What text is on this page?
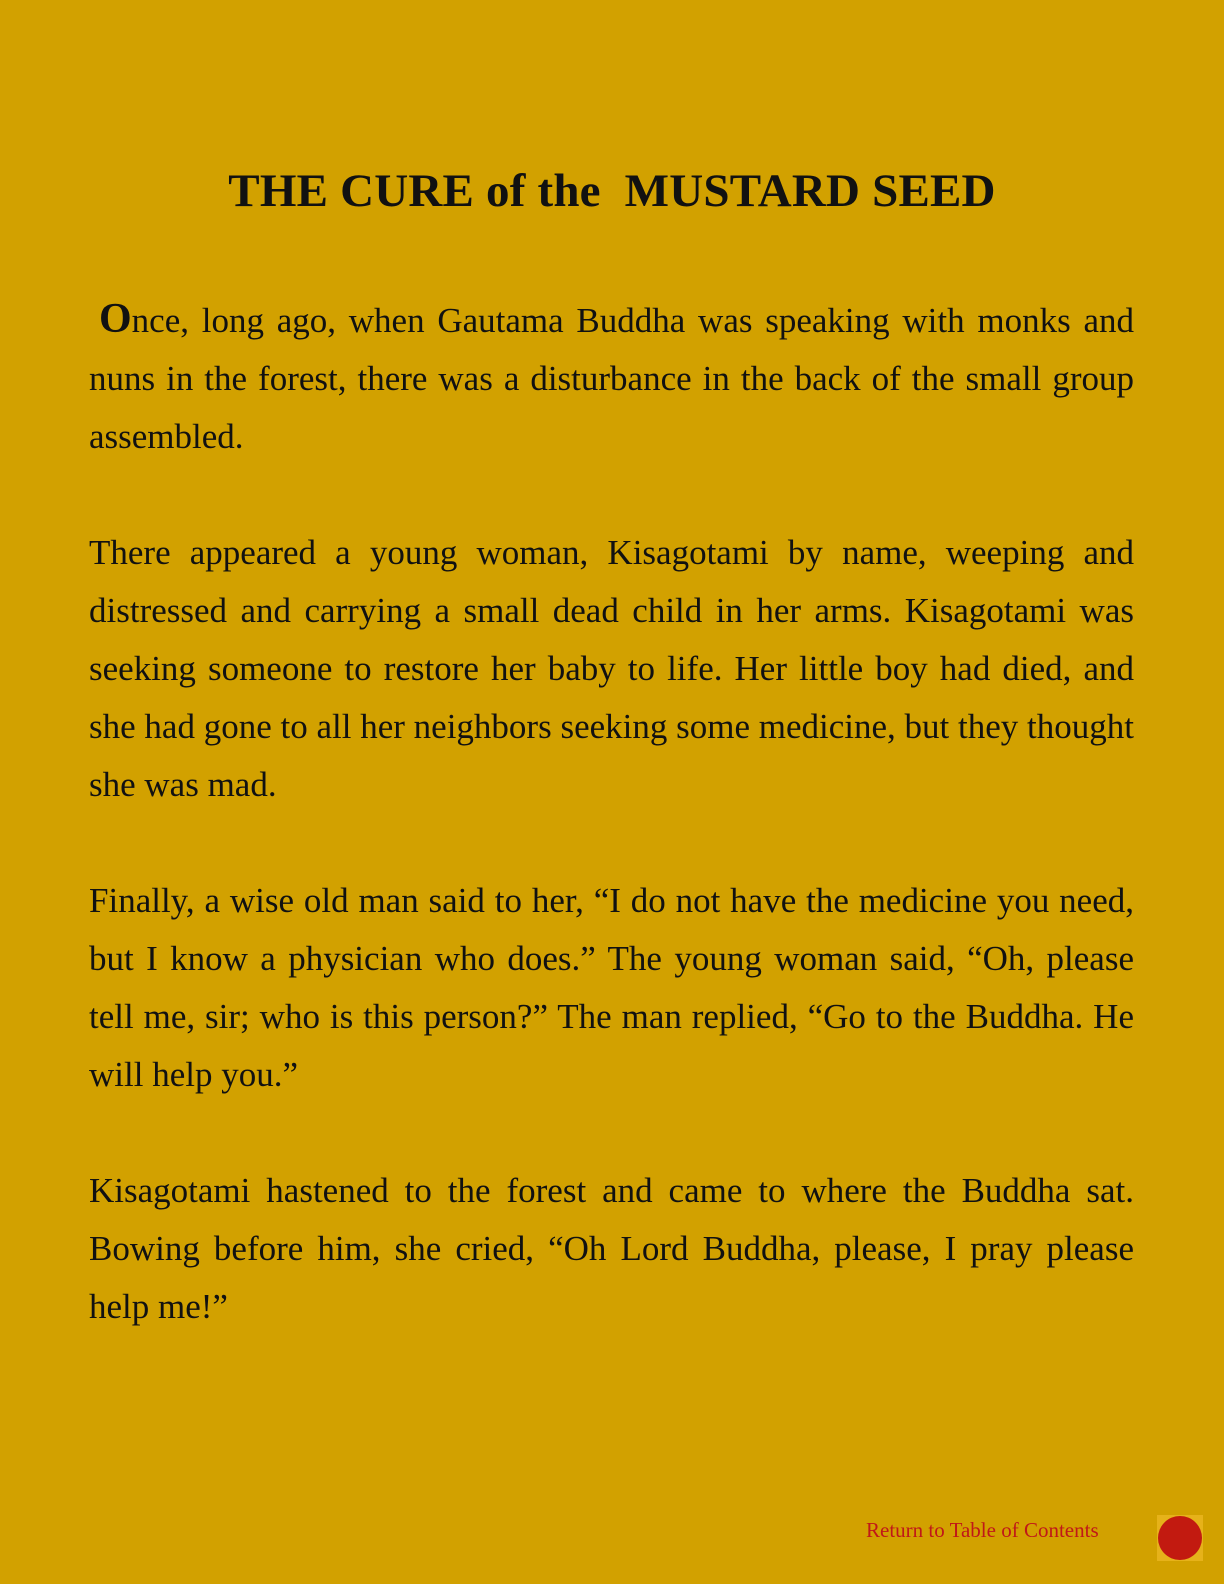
THE CURE of the  MUSTARD SEED

Once, long ago, when Gautama Buddha was speaking with monks and nuns in the forest, there was a disturbance in the back of the small group assembled.

There appeared a young woman, Kisagotami by name, weeping and distressed and carrying a small dead child in her arms. Kisagotami was seeking someone to restore her baby to life. Her little boy had died, and she had gone to all her neighbors seeking some medicine, but they thought she was mad.

Finally, a wise old man said to her, “I do not have the medicine you need, but I know a physician who does.” The young woman said, “Oh, please tell me, sir; who is this person?” The man replied, “Go to the Buddha. He will help you.”

Kisagotami hastened to the forest and came to where the Buddha sat. Bowing before him, she cried, “Oh Lord Buddha, please, I pray please help me!”

Return to Table of Contents
